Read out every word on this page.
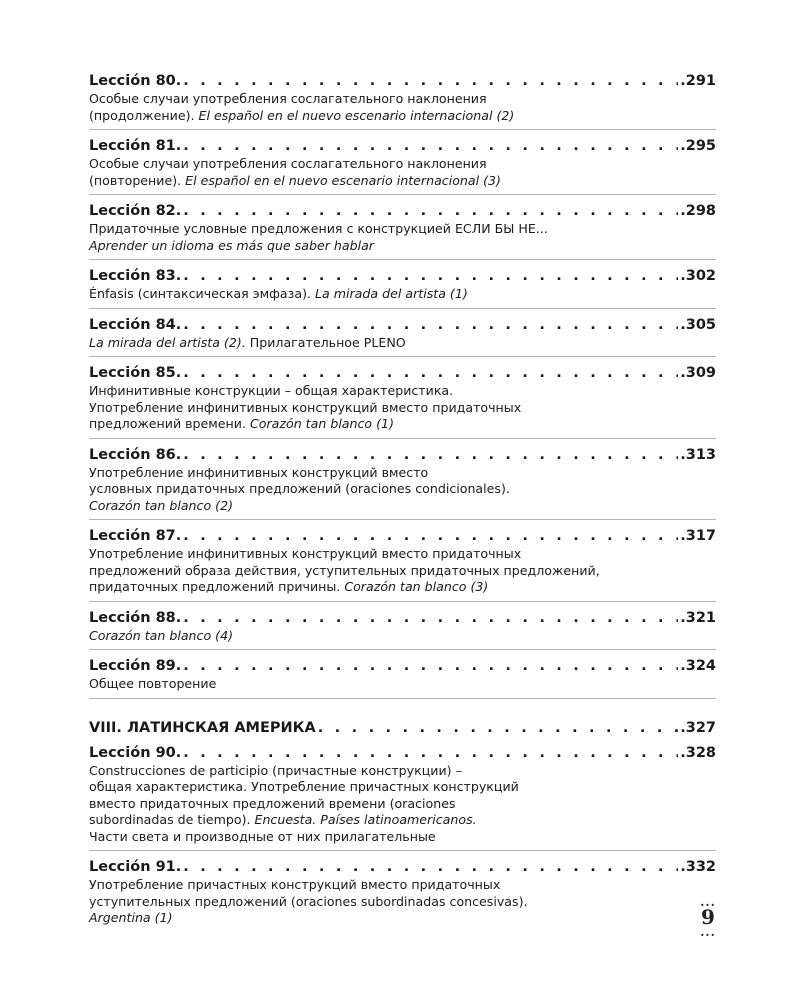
Lección 80. . . .	.291
Особые случаи употребления сослагательного наклонения
(продолжение). El español en el nuevo escenario internacional (2)
Lección 81. . . .	.295
Особые случаи употребления сослагательного наклонения
(повторение). El español en el nuevo escenario internacional (3)
Lección 82. . . .	.298
Придаточные условные предложения с конструкцией ЕСЛИ БЫ НЕ...
Aprender un idioma es más que saber hablar
Lección 83. . . .	.302
Énfasis (синтаксическая эмфаза). La mirada del artista (1)
Lección 84. . . .	.305
La mirada del artista (2). Прилагательное PLENO
Lección 85. . . .	.309
Инфинитивные конструкции – общая характеристика.
Употребление инфинитивных конструкций вместо придаточных
предложений времени. Corazón tan blanco (1)
Lección 86. . . .	.313
Употребление инфинитивных конструкций вместо
условных придаточных предложений (oraciones condicionales).
Corazón tan blanco (2)
Lección 87. . . .	.317
Употребление инфинитивных конструкций вместо придаточных
предложений образа действия, уступительных придаточных предложений,
придаточных предложений причины. Corazón tan blanco (3)
Lección 88. . . .	.321
Corazón tan blanco (4)
Lección 89. . . .	.324
Общее повторение
VIII. ЛАТИНСКАЯ АМЕРИКА . . .	.327
Lección 90. . . .	.328
Construcciones de participio (причастные конструкции) –
общая характеристика. Употребление причастных конструкций
вместо придаточных предложений времени (oraciones
subordinadas de tiempo). Encuesta. Países latinoamericanos.
Части света и производные от них прилагательные
Lección 91. . . .	.332
Употребление причастных конструкций вместо придаточных
уступительных предложений (oraciones subordinadas concesivas).
Argentina (1)
...
9
...
